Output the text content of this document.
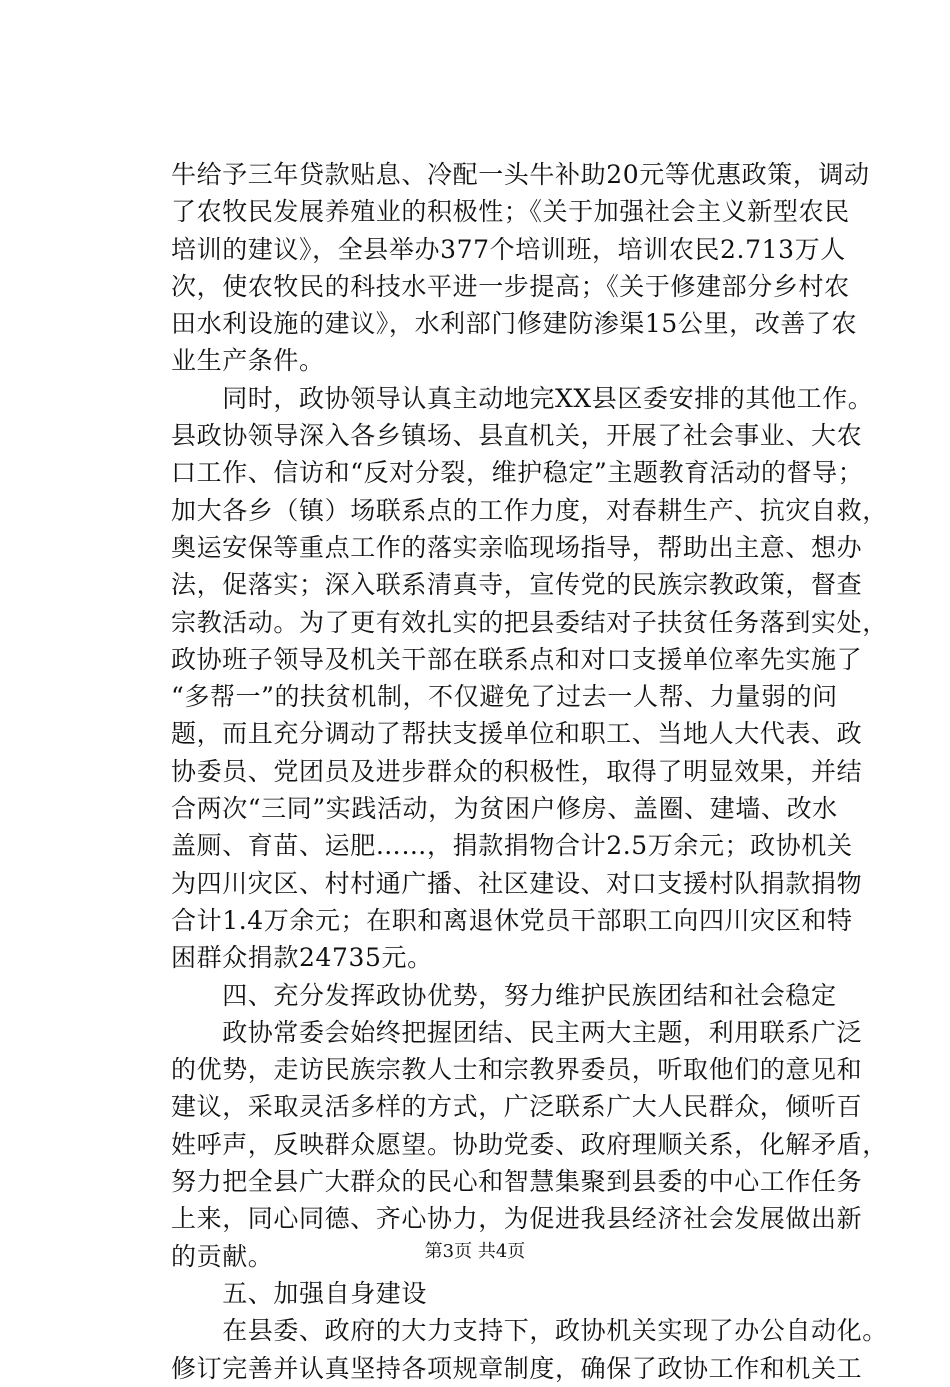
牛给予三年贷款贴息、冷配一头牛补助20元等优惠政策，调动
了农牧民发展养殖业的积极性；《关于加强社会主义新型农民
培训的建议》，全县举办377个培训班，培训农民2.713万人
次，使农牧民的科技水平进一步提高；《关于修建部分乡村农
田水利设施的建议》，水利部门修建防渗渠15公里，改善了农
业生产条件。
　　同时，政协领导认真主动地完XX县区委安排的其他工作。
县政协领导深入各乡镇场、县直机关，开展了社会事业、大农
口工作、信访和“反对分裂，维护稳定”主题教育活动的督导；
加大各乡（镇）场联系点的工作力度，对春耕生产、抗灾自救，
奥运安保等重点工作的落实亲临现场指导，帮助出主意、想办
法，促落实；深入联系清真寺，宣传党的民族宗教政策，督查
宗教活动。为了更有效扎实的把县委结对子扶贫任务落到实处，
政协班子领导及机关干部在联系点和对口支援单位率先实施了
“多帮一”的扶贫机制，不仅避免了过去一人帮、力量弱的问
题，而且充分调动了帮扶支援单位和职工、当地人大代表、政
协委员、党团员及进步群众的积极性，取得了明显效果，并结
合两次“三同”实践活动，为贫困户修房、盖圈、建墙、改水
盖厕、育苗、运肥……，捐款捐物合计2.5万余元；政协机关
为四川灾区、村村通广播、社区建设、对口支援村队捐款捐物
合计1.4万余元；在职和离退休党员干部职工向四川灾区和特
困群众捐款24735元。
　　四、充分发挥政协优势，努力维护民族团结和社会稳定
　　政协常委会始终把握团结、民主两大主题，利用联系广泛
的优势，走访民族宗教人士和宗教界委员，听取他们的意见和
建议，采取灵活多样的方式，广泛联系广大人民群众，倾听百
姓呼声，反映群众愿望。协助党委、政府理顺关系，化解矛盾，
努力把全县广大群众的民心和智慧集聚到县委的中心工作任务
上来，同心同德、齐心协力，为促进我县经济社会发展做出新
的贡献。
　　五、加强自身建设
　　在县委、政府的大力支持下，政协机关实现了办公自动化。
修订完善并认真坚持各项规章制度，确保了政协工作和机关工
第3页 共4页
